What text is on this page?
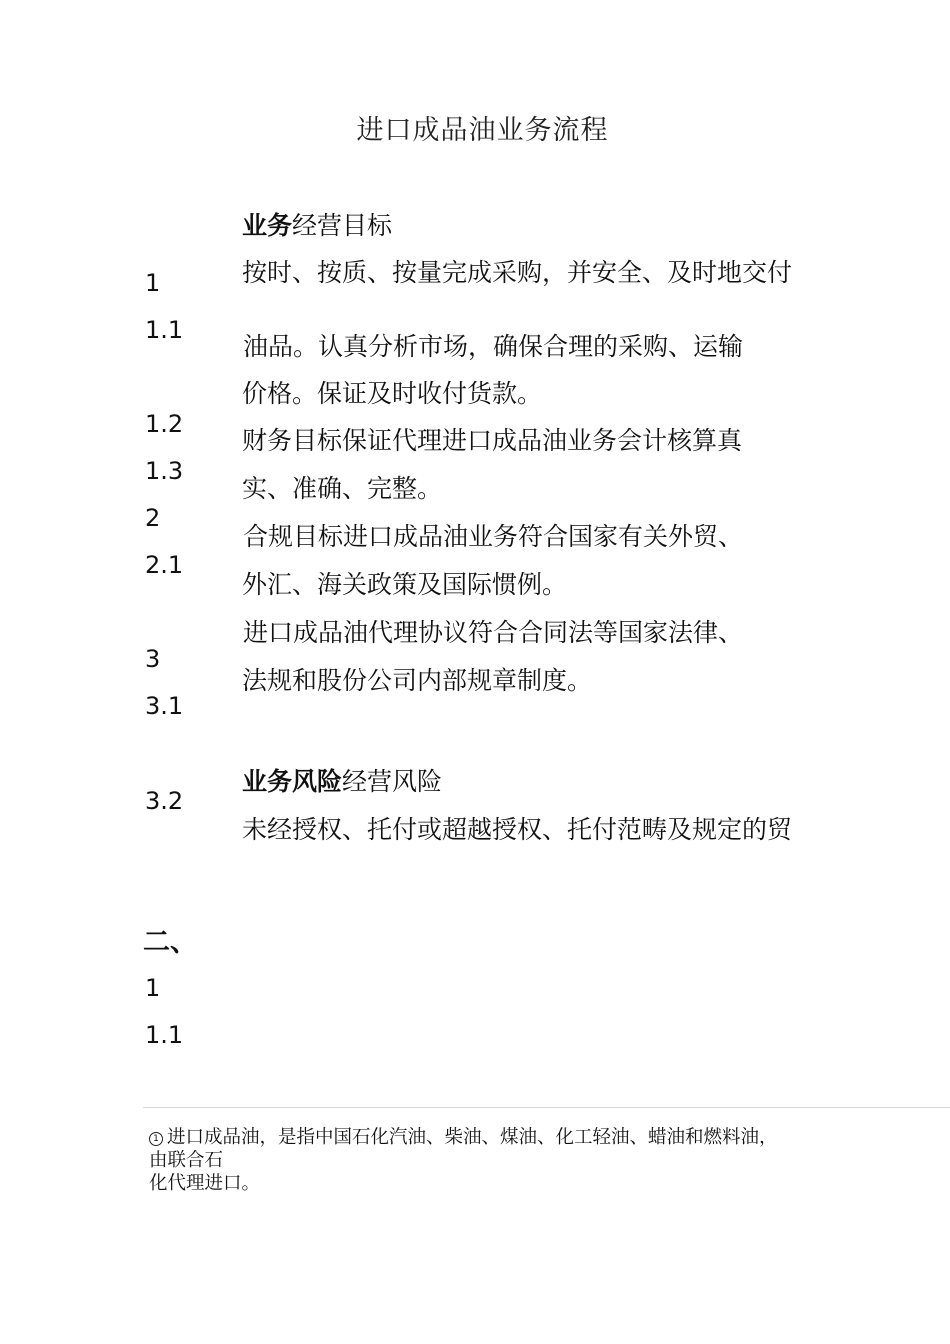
进口成品油业务流程
1
1.1
1.2
1.3
2
2.1
3
3.1
3.2
1
1.1
业务经营目标
按时、按质、按量完成采购，并安全、及时地交付
油品。认真分析市场，确保合理的采购、运输
价格。保证及时收付货款。
财务目标保证代理进口成品油业务会计核算真
实、准确、完整。
合规目标进口成品油业务符合国家有关外贸、
外汇、海关政策及国际惯例。
进口成品油代理协议符合合同法等国家法律、
法规和股份公司内部规章制度。
业务风险经营风险
未经授权、托付或超越授权、托付范畴及规定的贸
二、
1 进口成品油，是指中国石化汽油、柴油、煤油、化工轻油、蜡油和燃料油，由联合石
化代理进口。
